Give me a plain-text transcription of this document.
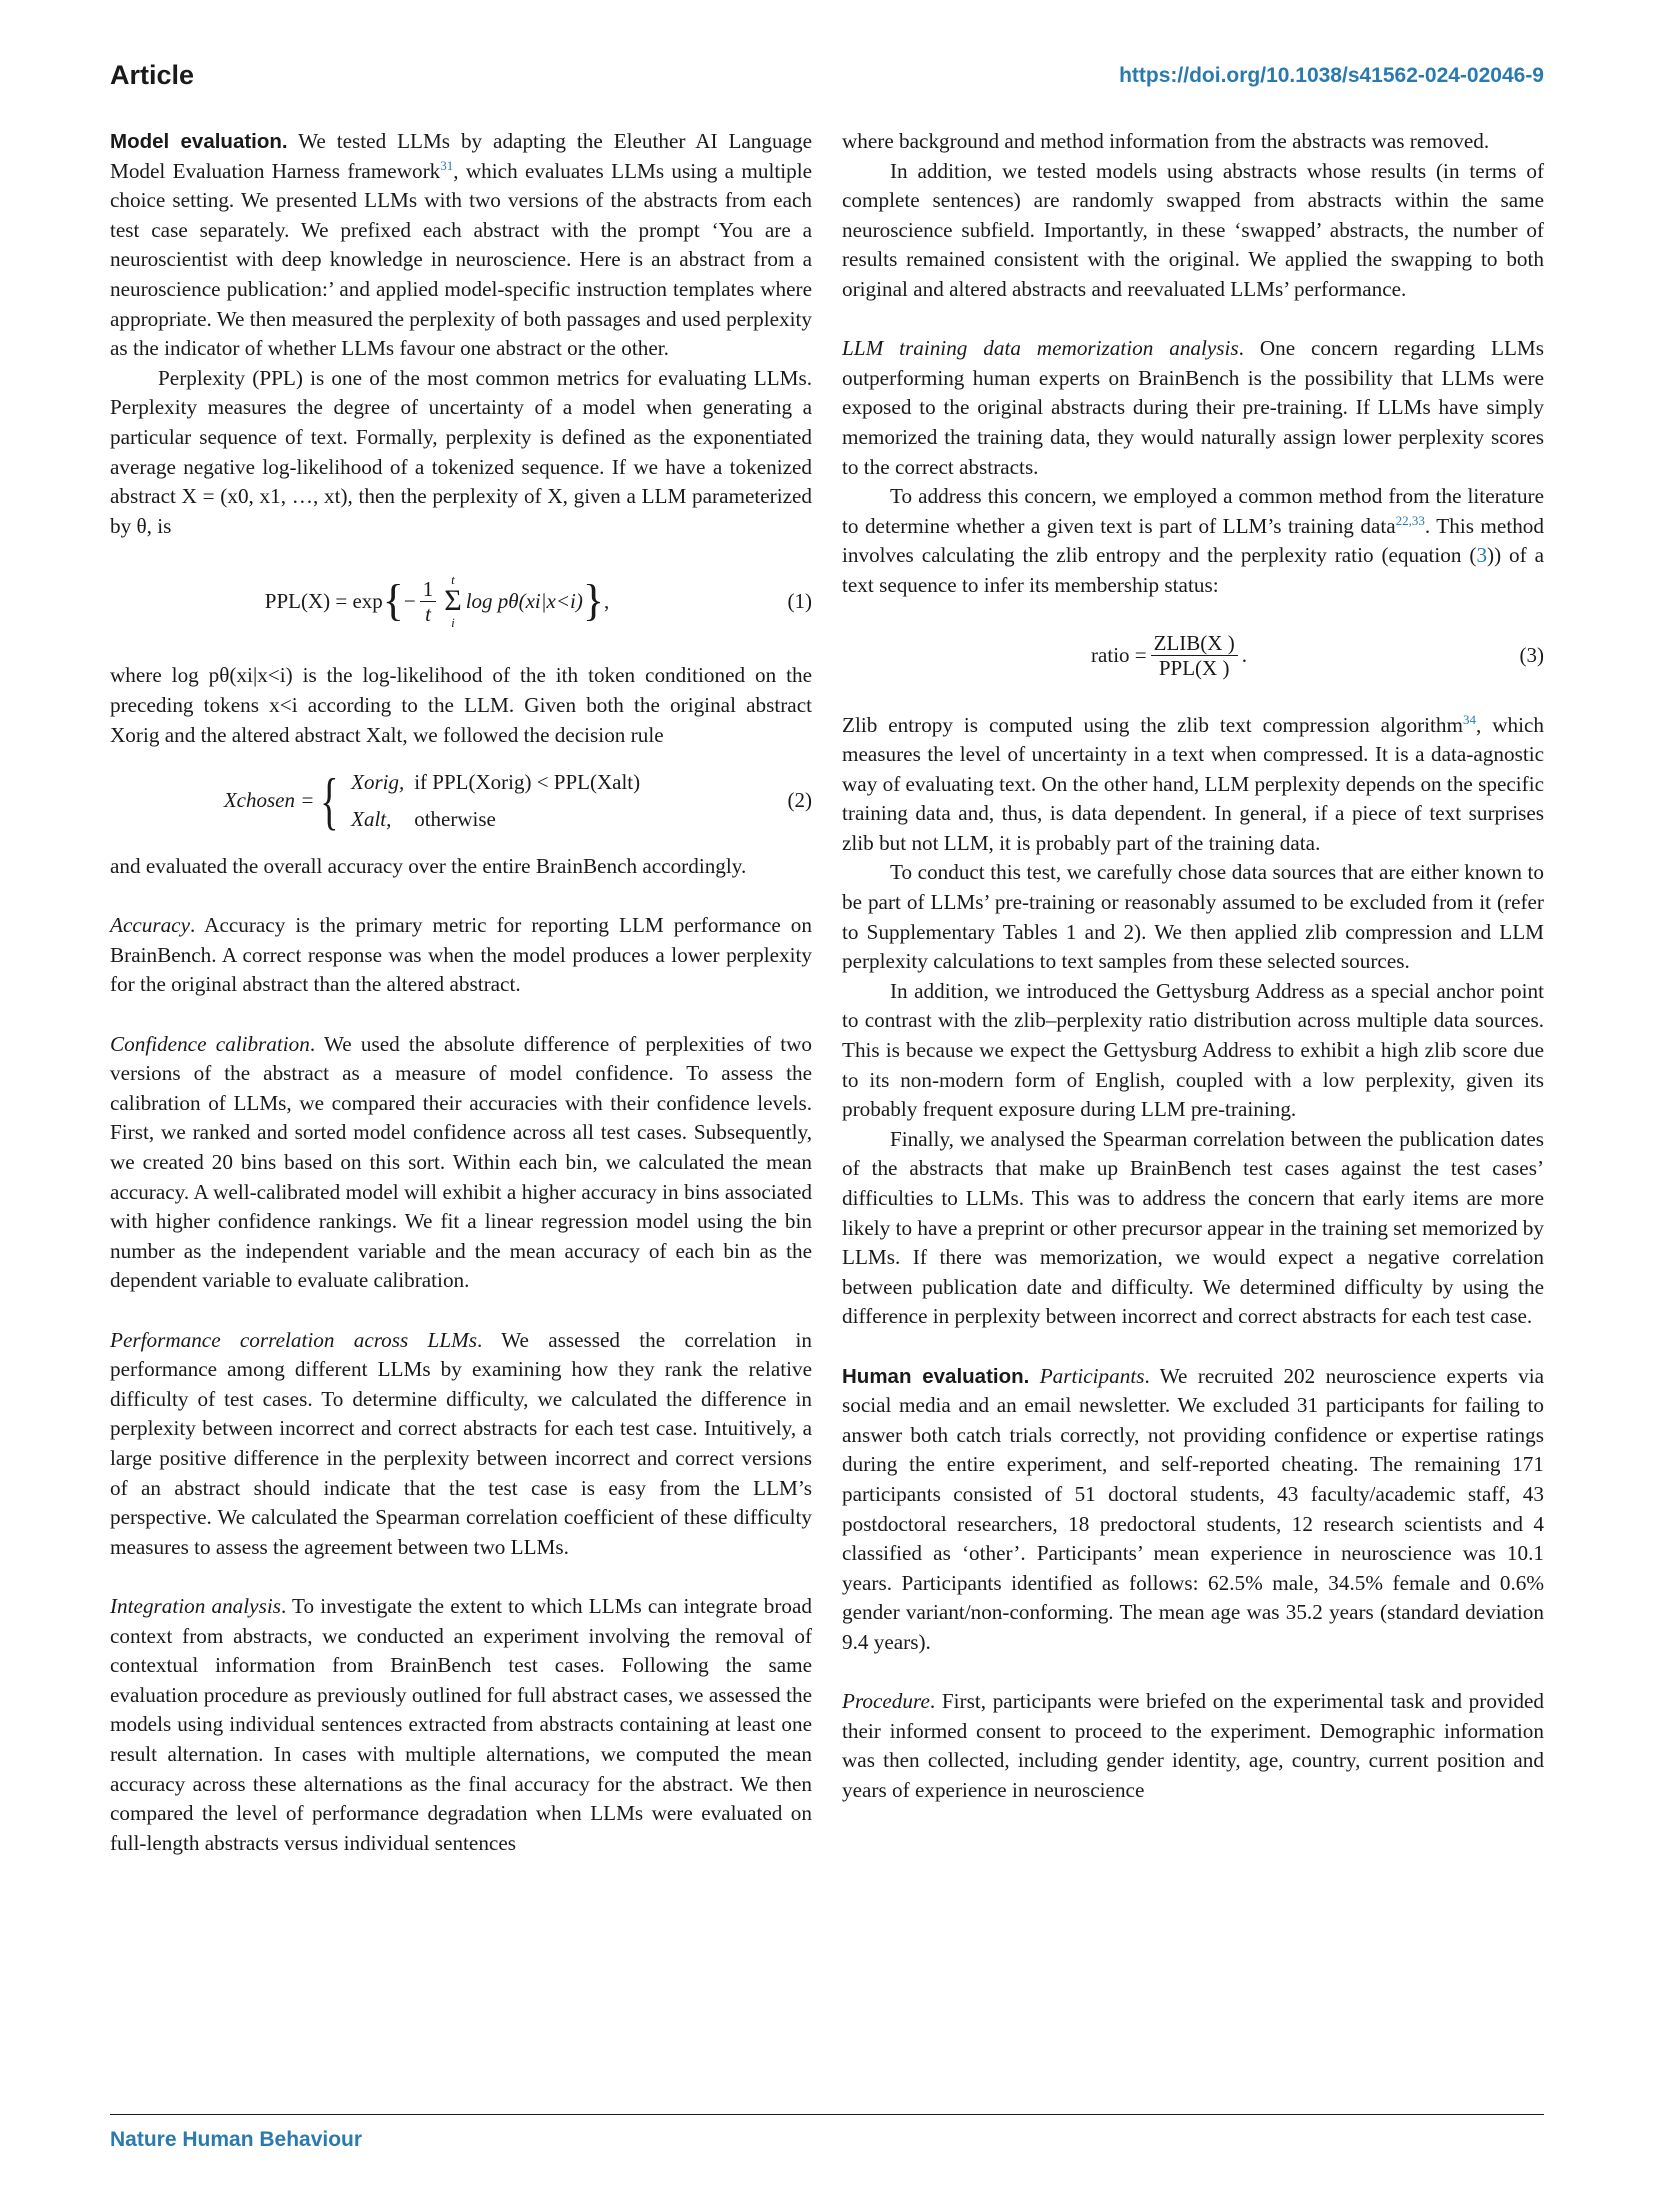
Article	https://doi.org/10.1038/s41562-024-02046-9

Model evaluation. We tested LLMs by adapting the Eleuther AI Language Model Evaluation Harness framework$^{31}$, which evaluates LLMs using a multiple choice setting. We presented LLMs with two versions of the abstracts from each test case separately. We prefixed each abstract with the prompt ‘You are a neuroscientist with deep knowledge in neuroscience. Here is an abstract from a neuroscience publication:’ and applied model-specific instruction templates where appropriate. We then measured the perplexity of both passages and used perplexity as the indicator of whether LLMs favour one abstract or the other.

Perplexity (PPL) is one of the most common metrics for evaluating LLMs. Perplexity measures the degree of uncertainty of a model when generating a particular sequence of text. Formally, perplexity is defined as the exponentiated average negative log-likelihood of a tokenized sequence. If we have a tokenized abstract X = (x0, x1, …, xt), then the perplexity of X, given a LLM parameterized by θ, is

PPL(X) = exp { − $\frac{1}{t}$ t
Σ
i
log pθ(xi|x<i) } ,	(1)

where log pθ(xi|x<i) is the log-likelihood of the ith token conditioned on the preceding tokens x<i according to the LLM. Given both the original abstract Xorig and the altered abstract Xalt, we followed the decision rule

Xchosen = { Xorig,	if PPL(Xorig) < PPL(Xalt)
Xalt,	otherwise
(2)

and evaluated the overall accuracy over the entire BrainBench accordingly.

Accuracy. Accuracy is the primary metric for reporting LLM performance on BrainBench. A correct response was when the model produces a lower perplexity for the original abstract than the altered abstract.

Confidence calibration. We used the absolute difference of perplexities of two versions of the abstract as a measure of model confidence. To assess the calibration of LLMs, we compared their accuracies with their confidence levels. First, we ranked and sorted model confidence across all test cases. Subsequently, we created 20 bins based on this sort. Within each bin, we calculated the mean accuracy. A well-calibrated model will exhibit a higher accuracy in bins associated with higher confidence rankings. We fit a linear regression model using the bin number as the independent variable and the mean accuracy of each bin as the dependent variable to evaluate calibration.

Performance correlation across LLMs. We assessed the correlation in performance among different LLMs by examining how they rank the relative difficulty of test cases. To determine difficulty, we calculated the difference in perplexity between incorrect and correct abstracts for each test case. Intuitively, a large positive difference in the perplexity between incorrect and correct versions of an abstract should indicate that the test case is easy from the LLM’s perspective. We calculated the Spearman correlation coefficient of these difficulty measures to assess the agreement between two LLMs.

Integration analysis. To investigate the extent to which LLMs can integrate broad context from abstracts, we conducted an experiment involving the removal of contextual information from BrainBench test cases. Following the same evaluation procedure as previously outlined for full abstract cases, we assessed the models using individual sentences extracted from abstracts containing at least one result alternation. In cases with multiple alternations, we computed the mean accuracy across these alternations as the final accuracy for the abstract. We then compared the level of performance degradation when LLMs were evaluated on full-length abstracts versus individual sentences

where background and method information from the abstracts was removed.

In addition, we tested models using abstracts whose results (in terms of complete sentences) are randomly swapped from abstracts within the same neuroscience subfield. Importantly, in these ‘swapped’ abstracts, the number of results remained consistent with the original. We applied the swapping to both original and altered abstracts and reevaluated LLMs’ performance.

LLM training data memorization analysis. One concern regarding LLMs outperforming human experts on BrainBench is the possibility that LLMs were exposed to the original abstracts during their pre-training. If LLMs have simply memorized the training data, they would naturally assign lower perplexity scores to the correct abstracts.

To address this concern, we employed a common method from the literature to determine whether a given text is part of LLM’s training data$^{22,33}$. This method involves calculating the zlib entropy and the perplexity ratio (equation (3)) of a text sequence to infer its membership status:

ratio = $\frac{\text{ZLIB(X )}}{\text{PPL(X )}}$ .	(3)

Zlib entropy is computed using the zlib text compression algorithm$^{34}$, which measures the level of uncertainty in a text when compressed. It is a data-agnostic way of evaluating text. On the other hand, LLM perplexity depends on the specific training data and, thus, is data dependent. In general, if a piece of text surprises zlib but not LLM, it is probably part of the training data.

To conduct this test, we carefully chose data sources that are either known to be part of LLMs’ pre-training or reasonably assumed to be excluded from it (refer to Supplementary Tables 1 and 2). We then applied zlib compression and LLM perplexity calculations to text samples from these selected sources.

In addition, we introduced the Gettysburg Address as a special anchor point to contrast with the zlib–perplexity ratio distribution across multiple data sources. This is because we expect the Gettysburg Address to exhibit a high zlib score due to its non-modern form of English, coupled with a low perplexity, given its probably frequent exposure during LLM pre-training.

Finally, we analysed the Spearman correlation between the publication dates of the abstracts that make up BrainBench test cases against the test cases’ difficulties to LLMs. This was to address the concern that early items are more likely to have a preprint or other precursor appear in the training set memorized by LLMs. If there was memorization, we would expect a negative correlation between publication date and difficulty. We determined difficulty by using the difference in perplexity between incorrect and correct abstracts for each test case.

Human evaluation. Participants. We recruited 202 neuroscience experts via social media and an email newsletter. We excluded 31 participants for failing to answer both catch trials correctly, not providing confidence or expertise ratings during the entire experiment, and self-reported cheating. The remaining 171 participants consisted of 51 doctoral students, 43 faculty/academic staff, 43 postdoctoral researchers, 18 predoctoral students, 12 research scientists and 4 classified as ‘other’. Participants’ mean experience in neuroscience was 10.1 years. Participants identified as follows: 62.5% male, 34.5% female and 0.6% gender variant/non-conforming. The mean age was 35.2 years (standard deviation 9.4 years).

Procedure. First, participants were briefed on the experimental task and provided their informed consent to proceed to the experiment. Demographic information was then collected, including gender identity, age, country, current position and years of experience in neuroscience

Nature Human Behaviour
